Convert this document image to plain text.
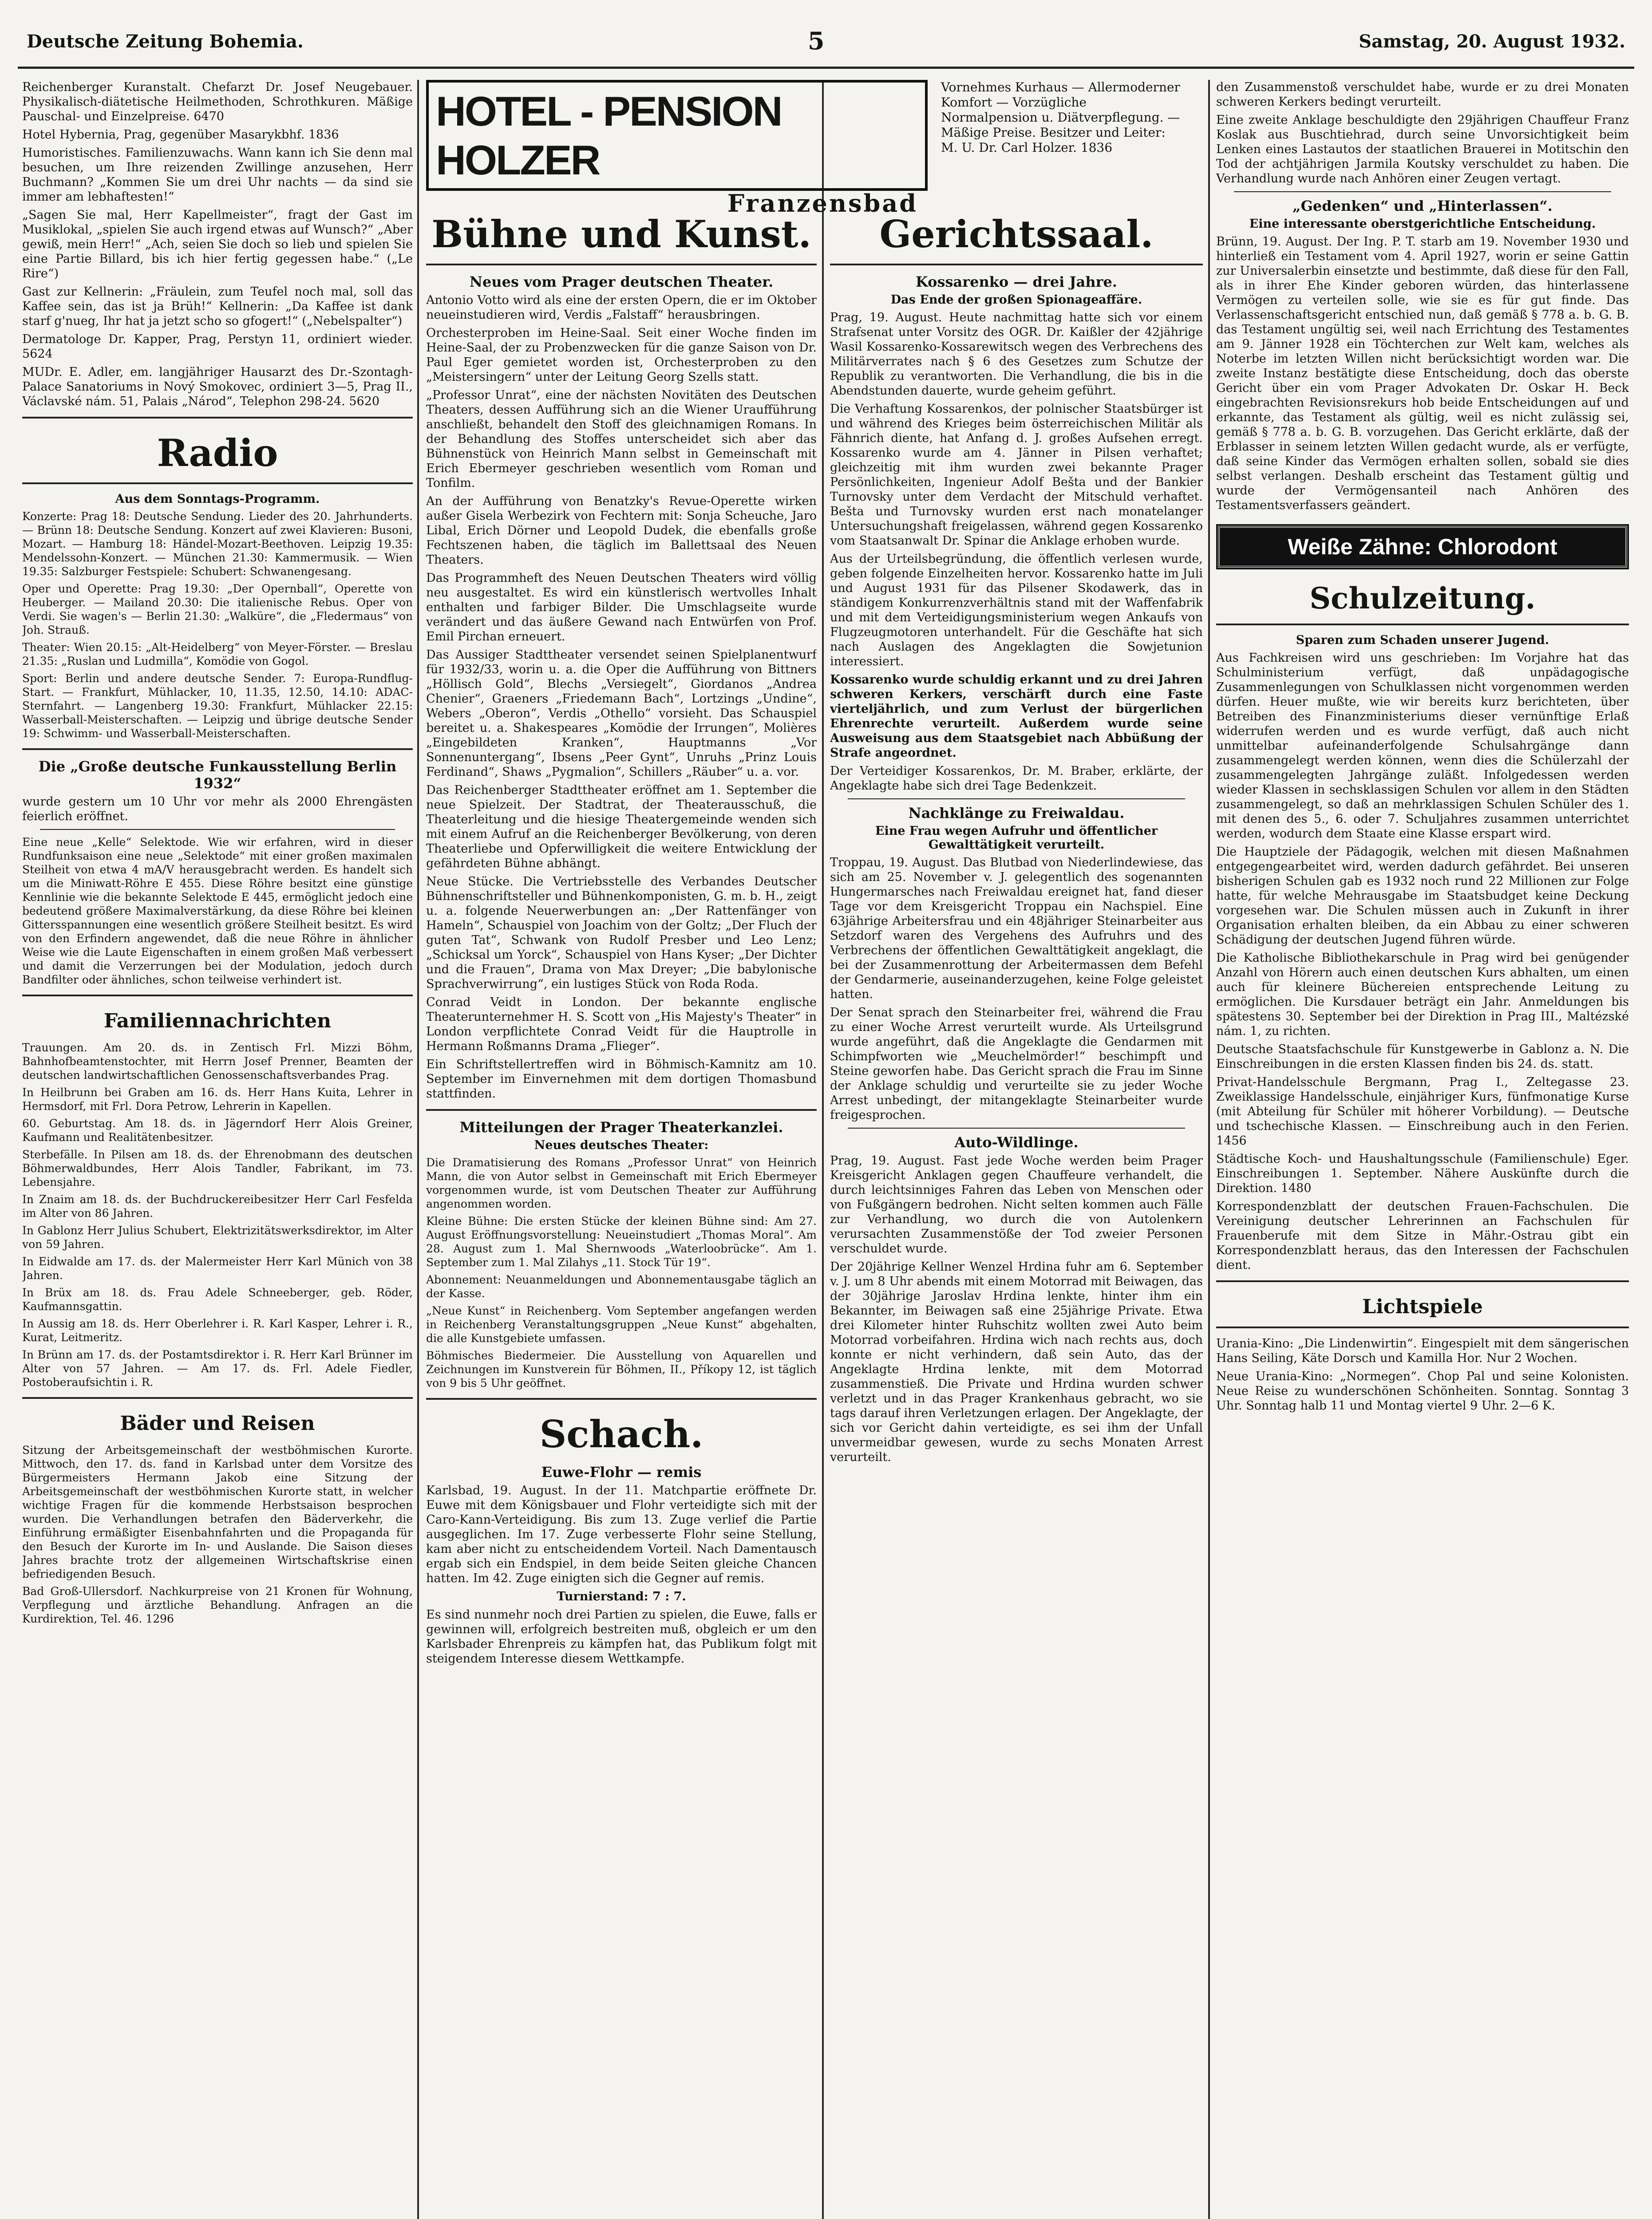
Deutsche Zeitung Bohemia.	5	Samstag, 20. August 1932.

Reichenberger Kuranstalt. Chefarzt Dr. Josef Neugebauer. Physikalisch-diätetische Heilmethoden, Schrothkuren. Mäßige Pauschal- und Einzelpreise. 6470

Hotel Hybernia, Prag, gegenüber Masarykbhf. 1836

Humoristisches. Familienzuwachs. Wann kann ich Sie denn mal besuchen, um Ihre reizenden Zwillinge anzusehen, Herr Buchmann? „Kommen Sie um drei Uhr nachts — da sind sie immer am lebhaftesten!“

„Sagen Sie mal, Herr Kapellmeister“, fragt der Gast im Musiklokal, „spielen Sie auch irgend etwas auf Wunsch?“ „Aber gewiß, mein Herr!“ „Ach, seien Sie doch so lieb und spielen Sie eine Partie Billard, bis ich hier fertig gegessen habe.“ („Le Rire“)

Gast zur Kellnerin: „Fräulein, zum Teufel noch mal, soll das Kaffee sein, das ist ja Brüh!“ Kellnerin: „Da Kaffee ist dank starf g'nueg, Ihr hat ja jetzt scho so gfogert!“ („Nebelspalter“)

Dermatologe Dr. Kapper, Prag, Perstyn 11, ordiniert wieder. 5624

MUDr. E. Adler, em. langjähriger Hausarzt des Dr.-Szontagh-Palace Sanatoriums in Nový Smokovec, ordiniert 3—5, Prag II., Václavské nám. 51, Palais „Národ“, Telephon 298-24. 5620

Radio
Aus dem Sonntags-Programm.

Konzerte: Prag 18: Deutsche Sendung. Lieder des 20. Jahrhunderts. — Brünn 18: Deutsche Sendung. Konzert auf zwei Klavieren: Busoni, Mozart. — Hamburg 18: Händel-Mozart-Beethoven. Leipzig 19.35: Mendelssohn-Konzert. — München 21.30: Kammermusik. — Wien 19.35: Salzburger Festspiele: Schubert: Schwanengesang.

Oper und Operette: Prag 19.30: „Der Opernball“, Operette von Heuberger. — Mailand 20.30: Die italienische Rebus. Oper von Verdi. Sie wagen's — Berlin 21.30: „Walküre“, die „Fledermaus“ von Joh. Strauß.

Theater: Wien 20.15: „Alt-Heidelberg“ von Meyer-Förster. — Breslau 21.35: „Ruslan und Ludmilla“, Komödie von Gogol.

Sport: Berlin und andere deutsche Sender. 7: Europa-Rundflug-Start. — Frankfurt, Mühlacker, 10, 11.35, 12.50, 14.10: ADAC-Sternfahrt. — Langenberg 19.30: Frankfurt, Mühlacker 22.15: Wasserball-Meisterschaften. — Leipzig und übrige deutsche Sender 19: Schwimm- und Wasserball-Meisterschaften.

Die „Große deutsche Funkausstellung Berlin 1932“

wurde gestern um 10 Uhr vor mehr als 2000 Ehrengästen feierlich eröffnet.

Eine neue „Kelle“ Selektode. Wie wir erfahren, wird in dieser Rundfunksaison eine neue „Selektode“ mit einer großen maximalen Steilheit von etwa 4 mA/V herausgebracht werden. Es handelt sich um die Miniwatt-Röhre E 455. Diese Röhre besitzt eine günstige Kennlinie wie die bekannte Selektode E 445, ermöglicht jedoch eine bedeutend größere Maximalverstärkung, da diese Röhre bei kleinen Gittersspannungen eine wesentlich größere Steilheit besitzt. Es wird von den Erfindern angewendet, daß die neue Röhre in ähnlicher Weise wie die Laute Eigenschaften in einem großen Maß verbessert und damit die Verzerrungen bei der Modulation, jedoch durch Bandfilter oder ähnliches, schon teilweise verhindert ist.

Familiennachrichten

Trauungen. Am 20. ds. in Zentisch Frl. Mizzi Böhm, Bahnhofbeamtenstochter, mit Herrn Josef Prenner, Beamten der deutschen landwirtschaftlichen Genossenschaftsverbandes Prag.

In Heilbrunn bei Graben am 16. ds. Herr Hans Kuita, Lehrer in Hermsdorf, mit Frl. Dora Petrow, Lehrerin in Kapellen.

60. Geburtstag. Am 18. ds. in Jägerndorf Herr Alois Greiner, Kaufmann und Realitätenbesitzer.

Sterbefälle. In Pilsen am 18. ds. der Ehrenobmann des deutschen Böhmerwaldbundes, Herr Alois Tandler, Fabrikant, im 73. Lebensjahre.

In Znaim am 18. ds. der Buchdruckereibesitzer Herr Carl Fesfelda im Alter von 86 Jahren.

In Gablonz Herr Julius Schubert, Elektrizitätswerksdirektor, im Alter von 59 Jahren.

In Eidwalde am 17. ds. der Malermeister Herr Karl Münich von 38 Jahren.

In Brüx am 18. ds. Frau Adele Schneeberger, geb. Röder, Kaufmannsgattin.

In Aussig am 18. ds. Herr Oberlehrer i. R. Karl Kasper, Lehrer i. R., Kurat, Leitmeritz.

In Brünn am 17. ds. der Postamtsdirektor i. R. Herr Karl Brünner im Alter von 57 Jahren. — Am 17. ds. Frl. Adele Fiedler, Postoberaufsichtin i. R.

Bäder und Reisen

Sitzung der Arbeitsgemeinschaft der westböhmischen Kurorte. Mittwoch, den 17. ds. fand in Karlsbad unter dem Vorsitze des Bürgermeisters Hermann Jakob eine Sitzung der Arbeitsgemeinschaft der westböhmischen Kurorte statt, in welcher wichtige Fragen für die kommende Herbstsaison besprochen wurden. Die Verhandlungen betrafen den Bäderverkehr, die Einführung ermäßigter Eisenbahnfahrten und die Propaganda für den Besuch der Kurorte im In- und Auslande. Die Saison dieses Jahres brachte trotz der allgemeinen Wirtschaftskrise einen befriedigenden Besuch.

Bad Groß-Ullersdorf. Nachkurpreise von 21 Kronen für Wohnung, Verpflegung und ärztliche Behandlung. Anfragen an die Kurdirektion, Tel. 46. 1296

HOTEL - PENSION HOLZER
Franzensbad
Vornehmes Kurhaus — Allermoderner Komfort — Vorzügliche Normalpension u. Diätverpflegung. — Mäßige Preise. Besitzer und Leiter: M. U. Dr. Carl Holzer. 1836
Bühne und Kunst.
Neues vom Prager deutschen Theater.

Antonio Votto wird als eine der ersten Opern, die er im Oktober neueinstudieren wird, Verdis „Falstaff“ herausbringen.

Orchesterproben im Heine-Saal. Seit einer Woche finden im Heine-Saal, der zu Probenzwecken für die ganze Saison von Dr. Paul Eger gemietet worden ist, Orchesterproben zu den „Meistersingern“ unter der Leitung Georg Szells statt.

„Professor Unrat“, eine der nächsten Novitäten des Deutschen Theaters, dessen Aufführung sich an die Wiener Uraufführung anschließt, behandelt den Stoff des gleichnamigen Romans. In der Behandlung des Stoffes unterscheidet sich aber das Bühnenstück von Heinrich Mann selbst in Gemeinschaft mit Erich Ebermeyer geschrieben wesentlich vom Roman und Tonfilm.

An der Aufführung von Benatzky's Revue-Operette wirken außer Gisela Werbezirk von Fechtern mit: Sonja Scheuche, Jaro Libal, Erich Dörner und Leopold Dudek, die ebenfalls große Fechtszenen haben, die täglich im Ballettsaal des Neuen Theaters.

Das Programmheft des Neuen Deutschen Theaters wird völlig neu ausgestaltet. Es wird ein künstlerisch wertvolles Inhalt enthalten und farbiger Bilder. Die Umschlagseite wurde verändert und das äußere Gewand nach Entwürfen von Prof. Emil Pirchan erneuert.

Das Aussiger Stadttheater versendet seinen Spielplanentwurf für 1932/33, worin u. a. die Oper die Aufführung von Bittners „Höllisch Gold“, Blechs „Versiegelt“, Giordanos „Andrea Chenier“, Graeners „Friedemann Bach“, Lortzings „Undine“, Webers „Oberon“, Verdis „Othello“ vorsieht. Das Schauspiel bereitet u. a. Shakespeares „Komödie der Irrungen“, Molières „Eingebildeten Kranken“, Hauptmanns „Vor Sonnenuntergang“, Ibsens „Peer Gynt“, Unruhs „Prinz Louis Ferdinand“, Shaws „Pygmalion“, Schillers „Räuber“ u. a. vor.

Das Reichenberger Stadttheater eröffnet am 1. September die neue Spielzeit. Der Stadtrat, der Theaterausschuß, die Theaterleitung und die hiesige Theatergemeinde wenden sich mit einem Aufruf an die Reichenberger Bevölkerung, von deren Theaterliebe und Opferwilligkeit die weitere Entwicklung der gefährdeten Bühne abhängt.

Neue Stücke. Die Vertriebsstelle des Verbandes Deutscher Bühnenschriftsteller und Bühnenkomponisten, G. m. b. H., zeigt u. a. folgende Neuerwerbungen an: „Der Rattenfänger von Hameln“, Schauspiel von Joachim von der Goltz; „Der Fluch der guten Tat“, Schwank von Rudolf Presber und Leo Lenz; „Schicksal um Yorck“, Schauspiel von Hans Kyser; „Der Dichter und die Frauen“, Drama von Max Dreyer; „Die babylonische Sprachverwirrung“, ein lustiges Stück von Roda Roda.

Conrad Veidt in London. Der bekannte englische Theaterunternehmer H. S. Scott von „His Majesty's Theater“ in London verpflichtete Conrad Veidt für die Hauptrolle in Hermann Roßmanns Drama „Flieger“.

Ein Schriftstellertreffen wird in Böhmisch-Kamnitz am 10. September im Einvernehmen mit dem dortigen Thomasbund stattfinden.

Mitteilungen der Prager Theaterkanzlei.
Neues deutsches Theater:

Die Dramatisierung des Romans „Professor Unrat“ von Heinrich Mann, die von Autor selbst in Gemeinschaft mit Erich Ebermeyer vorgenommen wurde, ist vom Deutschen Theater zur Aufführung angenommen worden.

Kleine Bühne: Die ersten Stücke der kleinen Bühne sind: Am 27. August Eröffnungsvorstellung: Neueinstudiert „Thomas Moral“. Am 28. August zum 1. Mal Shernwoods „Waterloobrücke“. Am 1. September zum 1. Mal Zilahys „11. Stock Tür 19“.

Abonnement: Neuanmeldungen und Abonnementausgabe täglich an der Kasse.

„Neue Kunst“ in Reichenberg. Vom September angefangen werden in Reichenberg Veranstaltungsgruppen „Neue Kunst“ abgehalten, die alle Kunstgebiete umfassen.

Böhmisches Biedermeier. Die Ausstellung von Aquarellen und Zeichnungen im Kunstverein für Böhmen, II., Příkopy 12, ist täglich von 9 bis 5 Uhr geöffnet.

Schach.
Euwe-Flohr — remis

Karlsbad, 19. August. In der 11. Matchpartie eröffnete Dr. Euwe mit dem Königsbauer und Flohr verteidigte sich mit der Caro-Kann-Verteidigung. Bis zum 13. Zuge verlief die Partie ausgeglichen. Im 17. Zuge verbesserte Flohr seine Stellung, kam aber nicht zu entscheidendem Vorteil. Nach Damentausch ergab sich ein Endspiel, in dem beide Seiten gleiche Chancen hatten. Im 42. Zuge einigten sich die Gegner auf remis.

Turnierstand: 7 : 7.

Es sind nunmehr noch drei Partien zu spielen, die Euwe, falls er gewinnen will, erfolgreich bestreiten muß, obgleich er um den Karlsbader Ehrenpreis zu kämpfen hat, das Publikum folgt mit steigendem Interesse diesem Wettkampfe.

Gerichtssaal.
Kossarenko — drei Jahre.
Das Ende der großen Spionageaffäre.

Prag, 19. August. Heute nachmittag hatte sich vor einem Strafsenat unter Vorsitz des OGR. Dr. Kaißler der 42jährige Wasil Kossarenko-Kossarewitsch wegen des Verbrechens des Militärverrates nach § 6 des Gesetzes zum Schutze der Republik zu verantworten. Die Verhandlung, die bis in die Abendstunden dauerte, wurde geheim geführt.

Die Verhaftung Kossarenkos, der polnischer Staatsbürger ist und während des Krieges beim österreichischen Militär als Fähnrich diente, hat Anfang d. J. großes Aufsehen erregt. Kossarenko wurde am 4. Jänner in Pilsen verhaftet; gleichzeitig mit ihm wurden zwei bekannte Prager Persönlichkeiten, Ingenieur Adolf Bešta und der Bankier Turnovsky unter dem Verdacht der Mitschuld verhaftet. Bešta und Turnovsky wurden erst nach monatelanger Untersuchungshaft freigelassen, während gegen Kossarenko vom Staatsanwalt Dr. Spinar die Anklage erhoben wurde.

Aus der Urteilsbegründung, die öffentlich verlesen wurde, geben folgende Einzelheiten hervor. Kossarenko hatte im Juli und August 1931 für das Pilsener Skodawerk, das in ständigem Konkurrenzverhältnis stand mit der Waffenfabrik und mit dem Verteidigungsministerium wegen Ankaufs von Flugzeugmotoren unterhandelt. Für die Geschäfte hat sich nach Auslagen des Angeklagten die Sowjetunion interessiert.

Kossarenko wurde schuldig erkannt und zu drei Jahren schweren Kerkers, verschärft durch eine Faste vierteljährlich, und zum Verlust der bürgerlichen Ehrenrechte verurteilt. Außerdem wurde seine Ausweisung aus dem Staatsgebiet nach Abbüßung der Strafe angeordnet.

Der Verteidiger Kossarenkos, Dr. M. Braber, erklärte, der Angeklagte habe sich drei Tage Bedenkzeit.

Nachklänge zu Freiwaldau.
Eine Frau wegen Aufruhr und öffentlicher Gewalttätigkeit verurteilt.

Troppau, 19. August. Das Blutbad von Niederlindewiese, das sich am 25. November v. J. gelegentlich des sogenannten Hungermarsches nach Freiwaldau ereignet hat, fand dieser Tage vor dem Kreisgericht Troppau ein Nachspiel. Eine 63jährige Arbeitersfrau und ein 48jähriger Steinarbeiter aus Setzdorf waren des Vergehens des Aufruhrs und des Verbrechens der öffentlichen Gewalttätigkeit angeklagt, die bei der Zusammenrottung der Arbeitermassen dem Befehl der Gendarmerie, auseinanderzugehen, keine Folge geleistet hatten.

Der Senat sprach den Steinarbeiter frei, während die Frau zu einer Woche Arrest verurteilt wurde. Als Urteilsgrund wurde angeführt, daß die Angeklagte die Gendarmen mit Schimpfworten wie „Meuchelmörder!“ beschimpft und Steine geworfen habe. Das Gericht sprach die Frau im Sinne der Anklage schuldig und verurteilte sie zu jeder Woche Arrest unbedingt, der mitangeklagte Steinarbeiter wurde freigesprochen.

Auto-Wildlinge.

Prag, 19. August. Fast jede Woche werden beim Prager Kreisgericht Anklagen gegen Chauffeure verhandelt, die durch leichtsinniges Fahren das Leben von Menschen oder von Fußgängern bedrohen. Nicht selten kommen auch Fälle zur Verhandlung, wo durch die von Autolenkern verursachten Zusammenstöße der Tod zweier Personen verschuldet wurde.

Der 20jährige Kellner Wenzel Hrdina fuhr am 6. September v. J. um 8 Uhr abends mit einem Motorrad mit Beiwagen, das der 30jährige Jaroslav Hrdina lenkte, hinter ihm ein Bekannter, im Beiwagen saß eine 25jährige Private. Etwa drei Kilometer hinter Ruhschitz wollten zwei Auto beim Motorrad vorbeifahren. Hrdina wich nach rechts aus, doch konnte er nicht verhindern, daß sein Auto, das der Angeklagte Hrdina lenkte, mit dem Motorrad zusammenstieß. Die Private und Hrdina wurden schwer verletzt und in das Prager Krankenhaus gebracht, wo sie tags darauf ihren Verletzungen erlagen. Der Angeklagte, der sich vor Gericht dahin verteidigte, es sei ihm der Unfall unvermeidbar gewesen, wurde zu sechs Monaten Arrest verurteilt.

den Zusammenstoß verschuldet habe, wurde er zu drei Monaten schweren Kerkers bedingt verurteilt.

Eine zweite Anklage beschuldigte den 29jährigen Chauffeur Franz Koslak aus Buschtiehrad, durch seine Unvorsichtigkeit beim Lenken eines Lastautos der staatlichen Brauerei in Motitschin den Tod der achtjährigen Jarmila Koutsky verschuldet zu haben. Die Verhandlung wurde nach Anhören einer Zeugen vertagt.

„Gedenken“ und „Hinterlassen“.
Eine interessante oberstgerichtliche Entscheidung.

Brünn, 19. August. Der Ing. P. T. starb am 19. November 1930 und hinterließ ein Testament vom 4. April 1927, worin er seine Gattin zur Universalerbin einsetzte und bestimmte, daß diese für den Fall, als in ihrer Ehe Kinder geboren würden, das hinterlassene Vermögen zu verteilen solle, wie sie es für gut finde. Das Verlassenschaftsgericht entschied nun, daß gemäß § 778 a. b. G. B. das Testament ungültig sei, weil nach Errichtung des Testamentes am 9. Jänner 1928 ein Töchterchen zur Welt kam, welches als Noterbe im letzten Willen nicht berücksichtigt worden war. Die zweite Instanz bestätigte diese Entscheidung, doch das oberste Gericht über ein vom Prager Advokaten Dr. Oskar H. Beck eingebrachten Revisionsrekurs hob beide Entscheidungen auf und erkannte, das Testament als gültig, weil es nicht zulässig sei, gemäß § 778 a. b. G. B. vorzugehen. Das Gericht erklärte, daß der Erblasser in seinem letzten Willen gedacht wurde, als er verfügte, daß seine Kinder das Vermögen erhalten sollen, sobald sie dies selbst verlangen. Deshalb erscheint das Testament gültig und wurde der Vermögensanteil nach Anhören des Testamentsverfassers geändert.

Weiße Zähne: Chlorodont
Schulzeitung.
Sparen zum Schaden unserer Jugend.

Aus Fachkreisen wird uns geschrieben: Im Vorjahre hat das Schulministerium verfügt, daß unpädagogische Zusammenlegungen von Schulklassen nicht vorgenommen werden dürfen. Heuer mußte, wie wir bereits kurz berichteten, über Betreiben des Finanzministeriums dieser vernünftige Erlaß widerrufen werden und es wurde verfügt, daß auch nicht unmittelbar aufeinanderfolgende Schulsahrgänge dann zusammengelegt werden können, wenn dies die Schülerzahl der zusammengelegten Jahrgänge zuläßt. Infolgedessen werden wieder Klassen in sechsklassigen Schulen vor allem in den Städten zusammengelegt, so daß an mehrklassigen Schulen Schüler des 1. mit denen des 5., 6. oder 7. Schuljahres zusammen unterrichtet werden, wodurch dem Staate eine Klasse erspart wird.

Die Hauptziele der Pädagogik, welchen mit diesen Maßnahmen entgegengearbeitet wird, werden dadurch gefährdet. Bei unseren bisherigen Schulen gab es 1932 noch rund 22 Millionen zur Folge hatte, für welche Mehrausgabe im Staatsbudget keine Deckung vorgesehen war. Die Schulen müssen auch in Zukunft in ihrer Organisation erhalten bleiben, da ein Abbau zu einer schweren Schädigung der deutschen Jugend führen würde.

Die Katholische Bibliothekarschule in Prag wird bei genügender Anzahl von Hörern auch einen deutschen Kurs abhalten, um einen auch für kleinere Büchereien entsprechende Leitung zu ermöglichen. Die Kursdauer beträgt ein Jahr. Anmeldungen bis spätestens 30. September bei der Direktion in Prag III., Maltézské nám. 1, zu richten.

Deutsche Staatsfachschule für Kunstgewerbe in Gablonz a. N. Die Einschreibungen in die ersten Klassen finden bis 24. ds. statt.

Privat-Handelsschule Bergmann, Prag I., Zeltegasse 23. Zweiklassige Handelsschule, einjähriger Kurs, fünfmonatige Kurse (mit Abteilung für Schüler mit höherer Vorbildung). — Deutsche und tschechische Klassen. — Einschreibung auch in den Ferien. 1456

Städtische Koch- und Haushaltungsschule (Familienschule) Eger. Einschreibungen 1. September. Nähere Auskünfte durch die Direktion. 1480

Korrespondenzblatt der deutschen Frauen-Fachschulen. Die Vereinigung deutscher Lehrerinnen an Fachschulen für Frauenberufe mit dem Sitze in Mähr.-Ostrau gibt ein Korrespondenzblatt heraus, das den Interessen der Fachschulen dient.

Lichtspiele

Urania-Kino: „Die Lindenwirtin“. Eingespielt mit dem sängerischen Hans Seiling, Käte Dorsch und Kamilla Hor. Nur 2 Wochen.

Neue Urania-Kino: „Normegen“. Chop Pal und seine Kolonisten. Neue Reise zu wunderschönen Schönheiten. Sonntag. Sonntag 3 Uhr. Sonntag halb 11 und Montag viertel 9 Uhr. 2—6 K.
